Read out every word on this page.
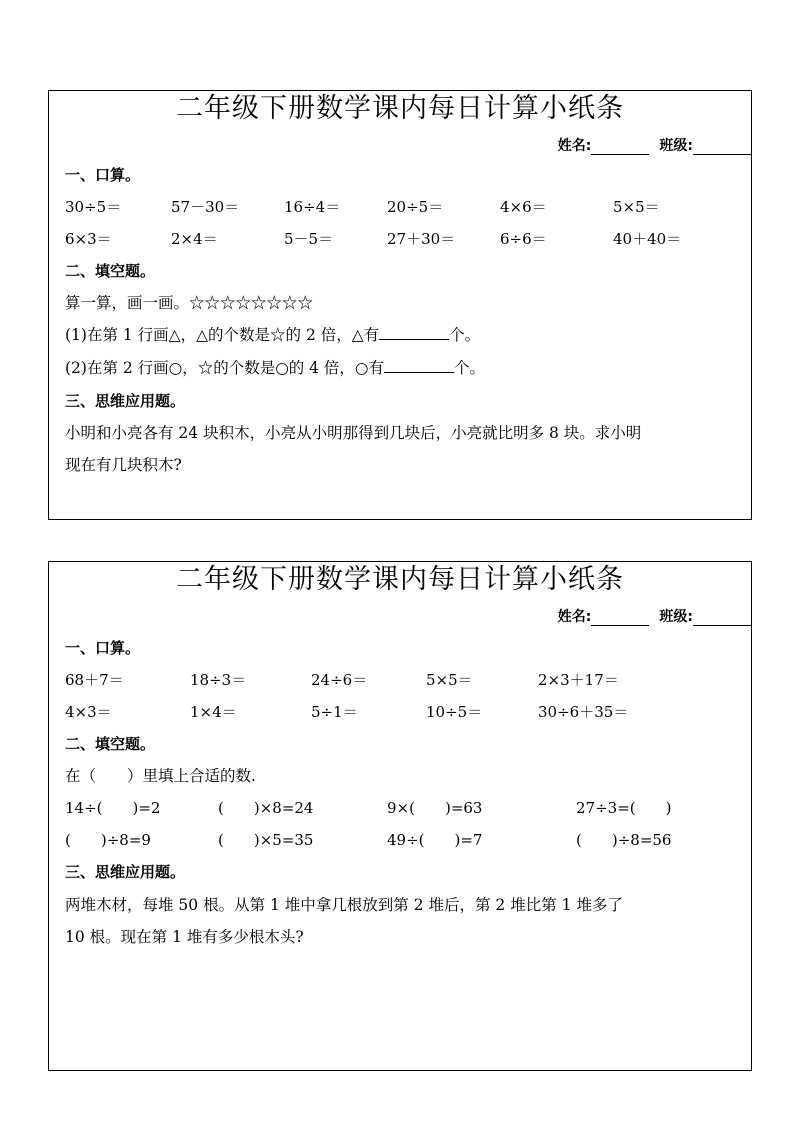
二年级下册数学课内每日计算小纸条
姓名:	班级:
一、口算。
30÷5＝	57－30＝	16÷4＝	20÷5＝	4×6＝	5×5＝
6×3＝	2×4＝	5－5＝	27＋30＝	6÷6＝	40＋40＝
二、填空题。
算一算，画一画。☆☆☆☆☆☆☆☆
(1)在第 1 行画△，△的个数是☆的 2 倍，△有	个。
(2)在第 2 行画○，☆的个数是○的 4 倍，○有	个。
三、思维应用题。
小明和小亮各有 24 块积木，小亮从小明那得到几块后，小亮就比明多 8 块。求小明
现在有几块积木?
二年级下册数学课内每日计算小纸条
姓名:	班级:
一、口算。
68＋7＝	18÷3＝	24÷6＝	5×5＝	2×3＋17＝
4×3＝	1×4＝	5÷1＝	10÷5＝	30÷6＋35＝
二、填空题。
在（　　）里填上合适的数.
14÷(　　)=2	(　　)×8=24	9×(　　)=63	27÷3=(　　)
(　　)÷8=9	(　　)×5=35	49÷(　　)=7	(　　)÷8=56
三、思维应用题。
两堆木材，每堆 50 根。从第 1 堆中拿几根放到第 2 堆后，第 2 堆比第 1 堆多了
10 根。现在第 1 堆有多少根木头?
